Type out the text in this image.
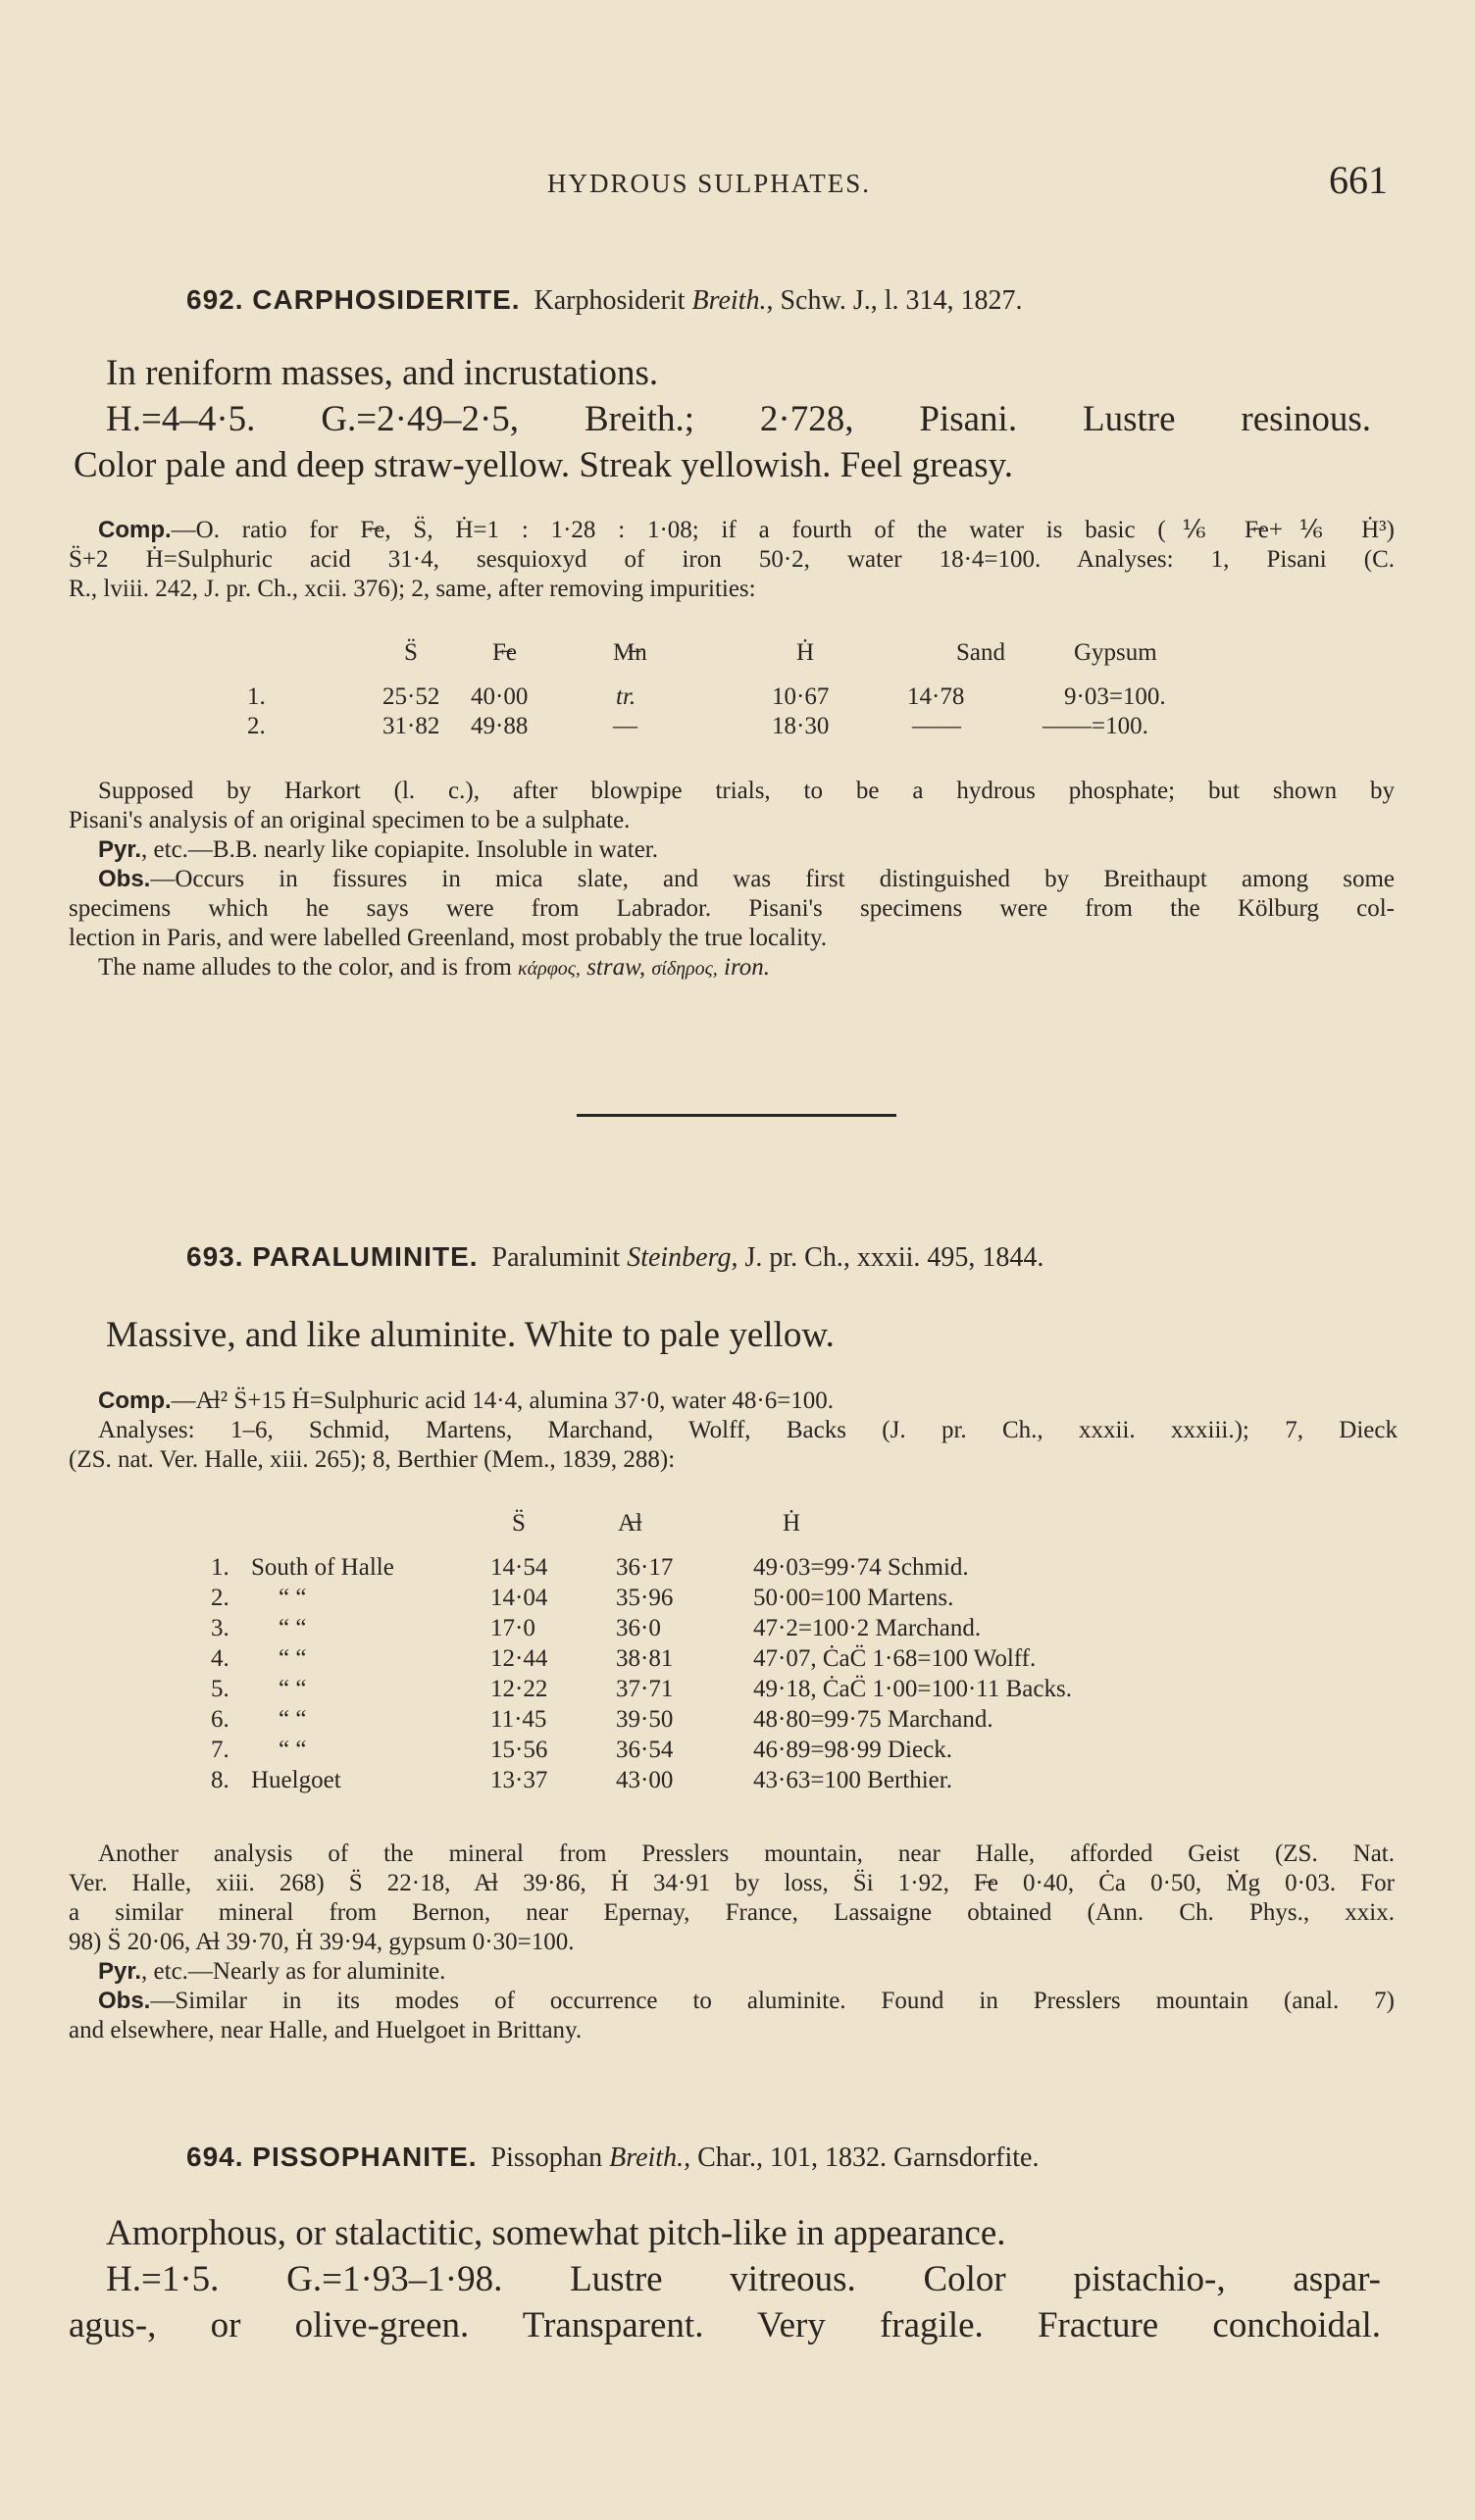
HYDROUS SULPHATES.	661
692. CARPHOSIDERITE. Karphosiderit Breith., Schw. J., l. 314, 1827.
In reniform masses, and incrustations.
H.=4–4·5. G.=2·49–2·5, Breith.; 2·728, Pisani. Lustre resinous.
Color pale and deep straw-yellow. Streak yellowish. Feel greasy.
Comp.—O. ratio for F̶e, S̈, Ḣ=1 : 1·28 : 1·08; if a fourth of the water is basic (⅙ F̶e+⅙ Ḣ³)
S̈+2 Ḣ=Sulphuric acid 31·4, sesquioxyd of iron 50·2, water 18·4=100. Analyses: 1, Pisani (C.
R., lviii. 242, J. pr. Ch., xcii. 376); 2, same, after removing impurities:
S̈	F̶e	M̶n	Ḣ	Sand	Gypsum
1.	25·52 40·00	tr.	10·67	14·78	9·03=100.
2.	31·82 49·88	—	18·30	——	——=100.
Supposed by Harkort (l. c.), after blowpipe trials, to be a hydrous phosphate; but shown by
Pisani's analysis of an original specimen to be a sulphate.
Pyr., etc.—B.B. nearly like copiapite. Insoluble in water.
Obs.—Occurs in fissures in mica slate, and was first distinguished by Breithaupt among some
specimens which he says were from Labrador. Pisani's specimens were from the Kölburg col-
lection in Paris, and were labelled Greenland, most probably the true locality.
The name alludes to the color, and is from κάρφος, straw, σίδηρος, iron.
693. PARALUMINITE. Paraluminit Steinberg, J. pr. Ch., xxxii. 495, 1844.
Massive, and like aluminite. White to pale yellow.
Comp.—A̶l² S̈+15 Ḣ=Sulphuric acid 14·4, alumina 37·0, water 48·6=100.
Analyses: 1–6, Schmid, Martens, Marchand, Wolff, Backs (J. pr. Ch., xxxii. xxxiii.); 7, Dieck
(ZS. nat. Ver. Halle, xiii. 265); 8, Berthier (Mem., 1839, 288):
S̈	A̶l	Ḣ
1. South of Halle	14·54	36·17	49·03=99·74 Schmid.
2. “ “	14·04	35·96	50·00=100 Martens.
3. “ “	17·0	36·0	47·2=100·2 Marchand.
4. “ “	12·44	38·81	47·07, ĊaC̈ 1·68=100 Wolff.
5. “ “	12·22	37·71	49·18, ĊaC̈ 1·00=100·11 Backs.
6. “ “	11·45	39·50	48·80=99·75 Marchand.
7. “ “	15·56	36·54	46·89=98·99 Dieck.
8. Huelgoet	13·37	43·00	43·63=100 Berthier.
Another analysis of the mineral from Presslers mountain, near Halle, afforded Geist (ZS. Nat.
Ver. Halle, xiii. 268) S̈ 22·18, A̶l 39·86, Ḣ 34·91 by loss, S̈i 1·92, F̶e 0·40, Ċa 0·50, Ṁg 0·03. For
a similar mineral from Bernon, near Epernay, France, Lassaigne obtained (Ann. Ch. Phys., xxix.
98) S̈ 20·06, A̶l 39·70, Ḣ 39·94, gypsum 0·30=100.
Pyr., etc.—Nearly as for aluminite.
Obs.—Similar in its modes of occurrence to aluminite. Found in Presslers mountain (anal. 7)
and elsewhere, near Halle, and Huelgoet in Brittany.
694. PISSOPHANITE. Pissophan Breith., Char., 101, 1832. Garnsdorfite.
Amorphous, or stalactitic, somewhat pitch-like in appearance.
H.=1·5. G.=1·93–1·98. Lustre vitreous. Color pistachio-, aspar-
agus-, or olive-green. Transparent. Very fragile. Fracture conchoidal.
